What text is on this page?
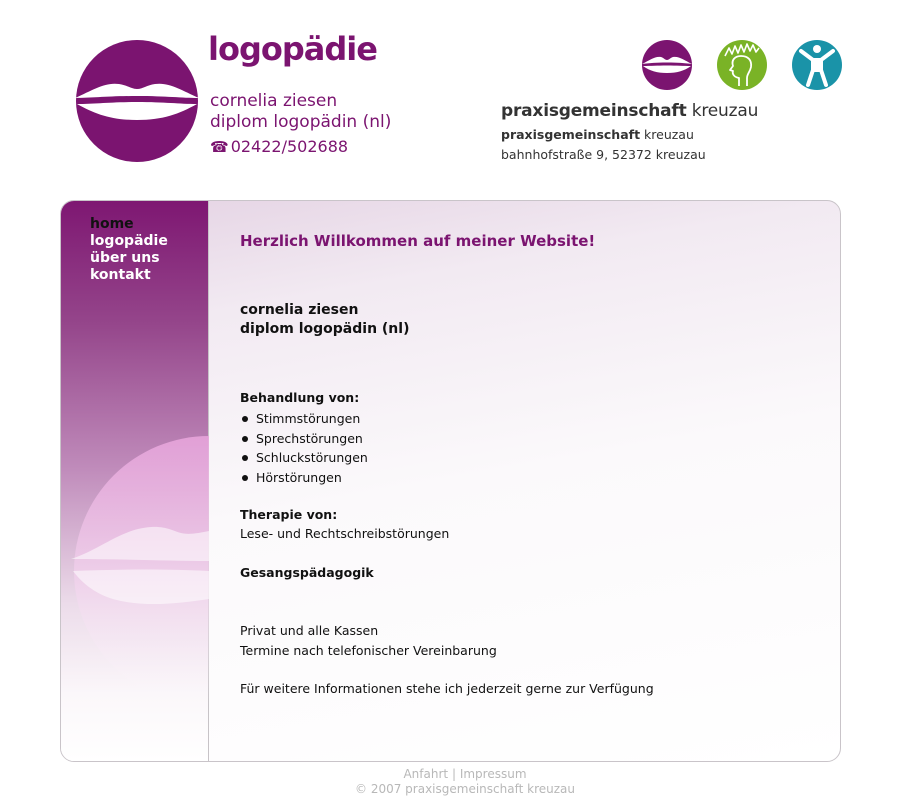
logopädie
cornelia ziesen
diplom logopädin (nl)
☎ 02422/502688
praxisgemeinschaft kreuzau
praxisgemeinschaft kreuzau
bahnhofstraße 9, 52372 kreuzau
home
logopädie
über uns
kontakt
Herzlich Willkommen auf meiner Website!
cornelia ziesen
diplom logopädin (nl)
Behandlung von:
Stimmstörungen
Sprechstörungen
Schluckstörungen
Hörstörungen
Therapie von:
Lese- und Rechtschreibstörungen
Gesangspädagogik
Privat und alle Kassen
Termine nach telefonischer Vereinbarung
Für weitere Informationen stehe ich jederzeit gerne zur Verfügung
Anfahrt | Impressum
© 2007 praxisgemeinschaft kreuzau
